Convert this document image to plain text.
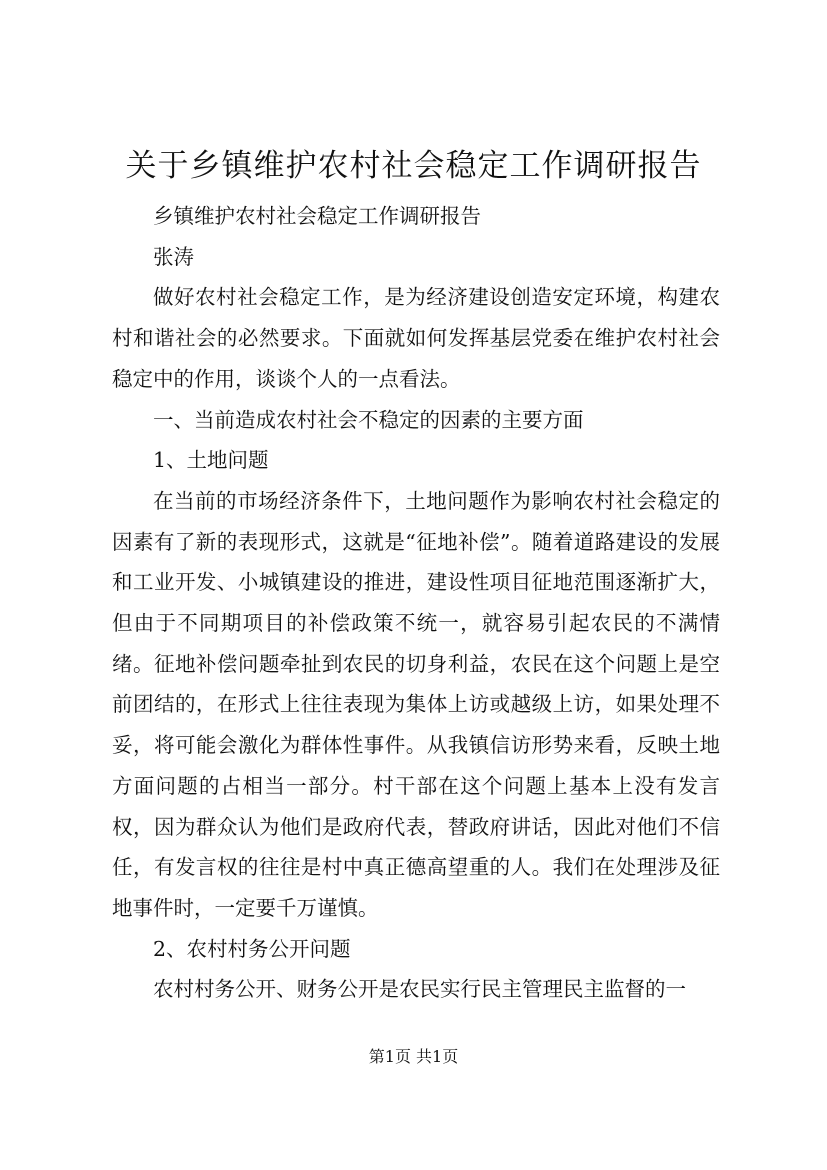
关于乡镇维护农村社会稳定工作调研报告

乡镇维护农村社会稳定工作调研报告

张涛

做好农村社会稳定工作，是为经济建设创造安定环境，构建农村和谐社会的必然要求。下面就如何发挥基层党委在维护农村社会稳定中的作用，谈谈个人的一点看法。

一、当前造成农村社会不稳定的因素的主要方面

1、土地问题

在当前的市场经济条件下，土地问题作为影响农村社会稳定的因素有了新的表现形式，这就是“征地补偿”。随着道路建设的发展和工业开发、小城镇建设的推进，建设性项目征地范围逐渐扩大，但由于不同期项目的补偿政策不统一，就容易引起农民的不满情绪。征地补偿问题牵扯到农民的切身利益，农民在这个问题上是空前团结的，在形式上往往表现为集体上访或越级上访，如果处理不妥，将可能会激化为群体性事件。从我镇信访形势来看，反映土地方面问题的占相当一部分。村干部在这个问题上基本上没有发言权，因为群众认为他们是政府代表，替政府讲话，因此对他们不信任，有发言权的往往是村中真正德高望重的人。我们在处理涉及征地事件时，一定要千万谨慎。

2、农村村务公开问题

农村村务公开、财务公开是农民实行民主管理民主监督的一

第1页 共1页
